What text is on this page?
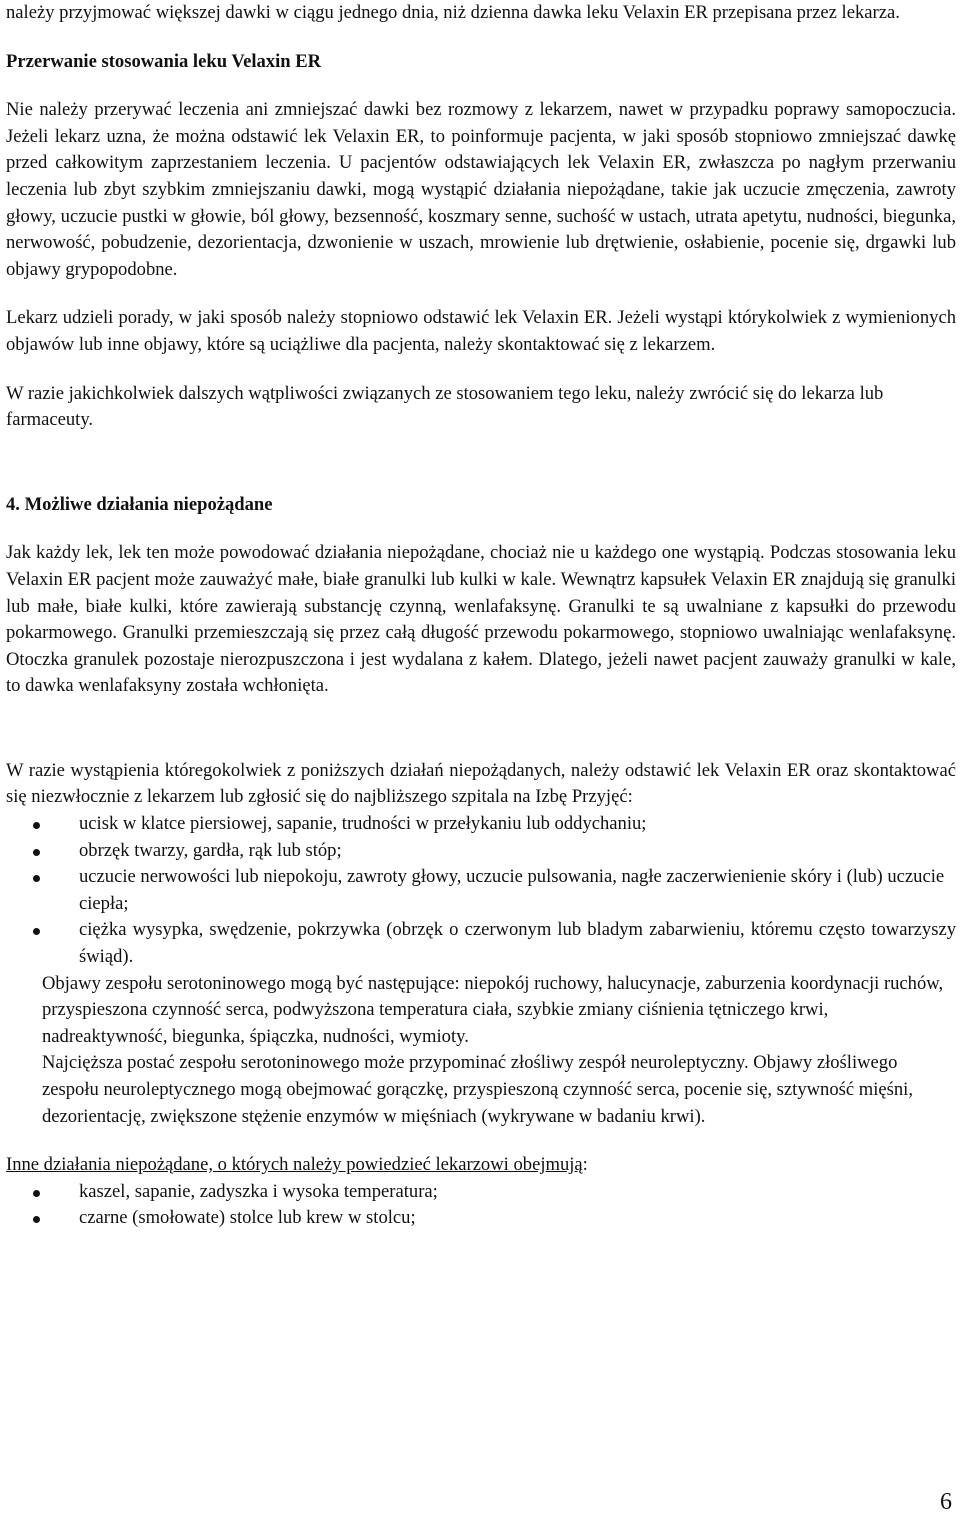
należy przyjmować większej dawki w ciągu jednego dnia, niż dzienna dawka leku Velaxin ER przepisana przez lekarza.

Przerwanie stosowania leku Velaxin ER

Nie należy przerywać leczenia ani zmniejszać dawki bez rozmowy z lekarzem, nawet w przypadku poprawy samopoczucia. Jeżeli lekarz uzna, że można odstawić lek Velaxin ER, to poinformuje pacjenta, w jaki sposób stopniowo zmniejszać dawkę przed całkowitym zaprzestaniem leczenia. U pacjentów odstawiających lek Velaxin ER, zwłaszcza po nagłym przerwaniu leczenia lub zbyt szybkim zmniejszaniu dawki, mogą wystąpić działania niepożądane, takie jak uczucie zmęczenia, zawroty głowy, uczucie pustki w głowie, ból głowy, bezsenność, koszmary senne, suchość w ustach, utrata apetytu, nudności, biegunka, nerwowość, pobudzenie, dezorientacja, dzwonienie w uszach, mrowienie lub drętwienie, osłabienie, pocenie się, drgawki lub objawy grypopodobne.

Lekarz udzieli porady, w jaki sposób należy stopniowo odstawić lek Velaxin ER. Jeżeli wystąpi którykolwiek z wymienionych objawów lub inne objawy, które są uciążliwe dla pacjenta, należy skontaktować się z lekarzem.

W razie jakichkolwiek dalszych wątpliwości związanych ze stosowaniem tego leku, należy zwrócić się do lekarza lub farmaceuty.

4. Możliwe działania niepożądane

Jak każdy lek, lek ten może powodować działania niepożądane, chociaż nie u każdego one wystąpią. Podczas stosowania leku Velaxin ER pacjent może zauważyć małe, białe granulki lub kulki w kale. Wewnątrz kapsułek Velaxin ER znajdują się granulki lub małe, białe kulki, które zawierają substancję czynną, wenlafaksynę. Granulki te są uwalniane z kapsułki do przewodu pokarmowego. Granulki przemieszczają się przez całą długość przewodu pokarmowego, stopniowo uwalniając wenlafaksynę. Otoczka granulek pozostaje nierozpuszczona i jest wydalana z kałem. Dlatego, jeżeli nawet pacjent zauważy granulki w kale, to dawka wenlafaksyny została wchłonięta.

W razie wystąpienia któregokolwiek z poniższych działań niepożądanych, należy odstawić lek Velaxin ER oraz skontaktować się niezwłocznie z lekarzem lub zgłosić się do najbliższego szpitala na Izbę Przyjęć:

ucisk w klatce piersiowej, sapanie, trudności w przełykaniu lub oddychaniu;
obrzęk twarzy, gardła, rąk lub stóp;
uczucie nerwowości lub niepokoju, zawroty głowy, uczucie pulsowania, nagłe zaczerwienienie skóry i (lub) uczucie ciepła;
ciężka wysypka, swędzenie, pokrzywka (obrzęk o czerwonym lub bladym zabarwieniu, któremu często towarzyszy świąd).

Objawy zespołu serotoninowego mogą być następujące: niepokój ruchowy, halucynacje, zaburzenia koordynacji ruchów, przyspieszona czynność serca, podwyższona temperatura ciała, szybkie zmiany ciśnienia tętniczego krwi, nadreaktywność, biegunka, śpiączka, nudności, wymioty.

Najcięższa postać zespołu serotoninowego może przypominać złośliwy zespół neuroleptyczny. Objawy złośliwego zespołu neuroleptycznego mogą obejmować gorączkę, przyspieszoną czynność serca, pocenie się, sztywność mięśni, dezorientację, zwiększone stężenie enzymów w mięśniach (wykrywane w badaniu krwi).

Inne działania niepożądane, o których należy powiedzieć lekarzowi obejmują:

kaszel, sapanie, zadyszka i wysoka temperatura;
czarne (smołowate) stolce lub krew w stolcu;
6
